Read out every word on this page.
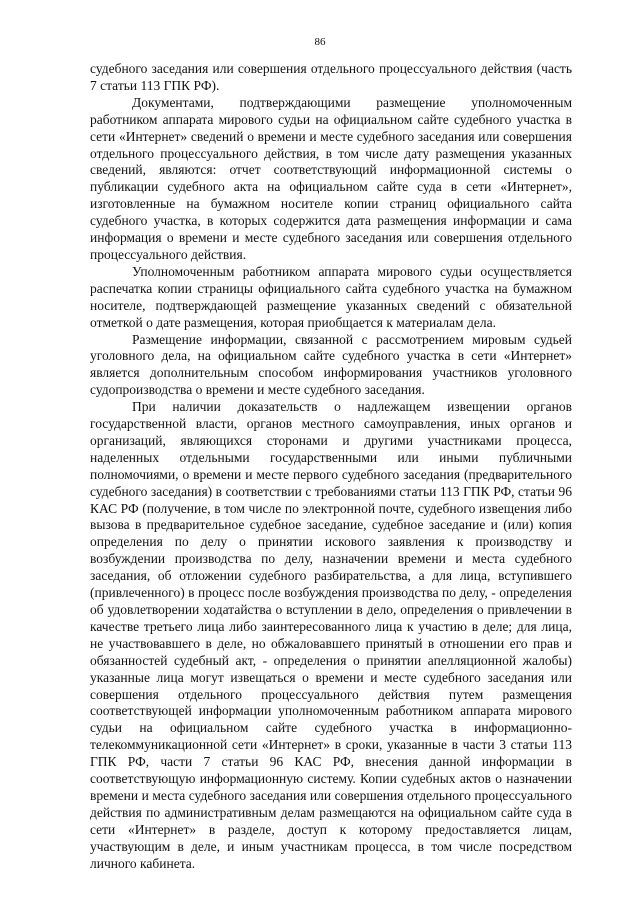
86

судебного заседания или совершения отдельного процессуального действия (часть 7 статьи 113 ГПК РФ).

Документами, подтверждающими размещение уполномоченным работником аппарата мирового судьи на официальном сайте судебного участка в сети «Интернет» сведений о времени и месте судебного заседания или совершения отдельного процессуального действия, в том числе дату размещения указанных сведений, являются: отчет соответствующий информационной системы о публикации судебного акта на официальном сайте суда в сети «Интернет», изготовленные на бумажном носителе копии страниц официального сайта судебного участка, в которых содержится дата размещения информации и сама информация о времени и месте судебного заседания или совершения отдельного процессуального действия.

Уполномоченным работником аппарата мирового судьи осуществляется распечатка копии страницы официального сайта судебного участка на бумажном носителе, подтверждающей размещение указанных сведений с обязательной отметкой о дате размещения, которая приобщается к материалам дела.

Размещение информации, связанной с рассмотрением мировым судьей уголовного дела, на официальном сайте судебного участка в сети «Интернет» является дополнительным способом информирования участников уголовного судопроизводства о времени и месте судебного заседания.

При наличии доказательств о надлежащем извещении органов государственной власти, органов местного самоуправления, иных органов и организаций, являющихся сторонами и другими участниками процесса, наделенных отдельными государственными или иными публичными полномочиями, о времени и месте первого судебного заседания (предварительного судебного заседания) в соответствии с требованиями статьи 113 ГПК РФ, статьи 96 КАС РФ (получение, в том числе по электронной почте, судебного извещения либо вызова в предварительное судебное заседание, судебное заседание и (или) копия определения по делу о принятии искового заявления к производству и возбуждении производства по делу, назначении времени и места судебного заседания, об отложении судебного разбирательства, а для лица, вступившего (привлеченного) в процесс после возбуждения производства по делу, - определения об удовлетворении ходатайства о вступлении в дело, определения о привлечении в качестве третьего лица либо заинтересованного лица к участию в деле; для лица, не участвовавшего в деле, но обжаловавшего принятый в отношении его прав и обязанностей судебный акт, - определения о принятии апелляционной жалобы) указанные лица могут извещаться о времени и месте судебного заседания или совершения отдельного процессуального действия путем размещения соответствующей информации уполномоченным работником аппарата мирового судьи на официальном сайте судебного участка в информационно-телекоммуникационной сети «Интернет» в сроки, указанные в части 3 статьи 113 ГПК РФ, части 7 статьи 96 КАС РФ, внесения данной информации в соответствующую информационную систему. Копии судебных актов о назначении времени и места судебного заседания или совершения отдельного процессуального действия по административным делам размещаются на официальном сайте суда в сети «Интернет» в разделе, доступ к которому предоставляется лицам, участвующим в деле, и иным участникам процесса, в том числе посредством личного кабинета.
